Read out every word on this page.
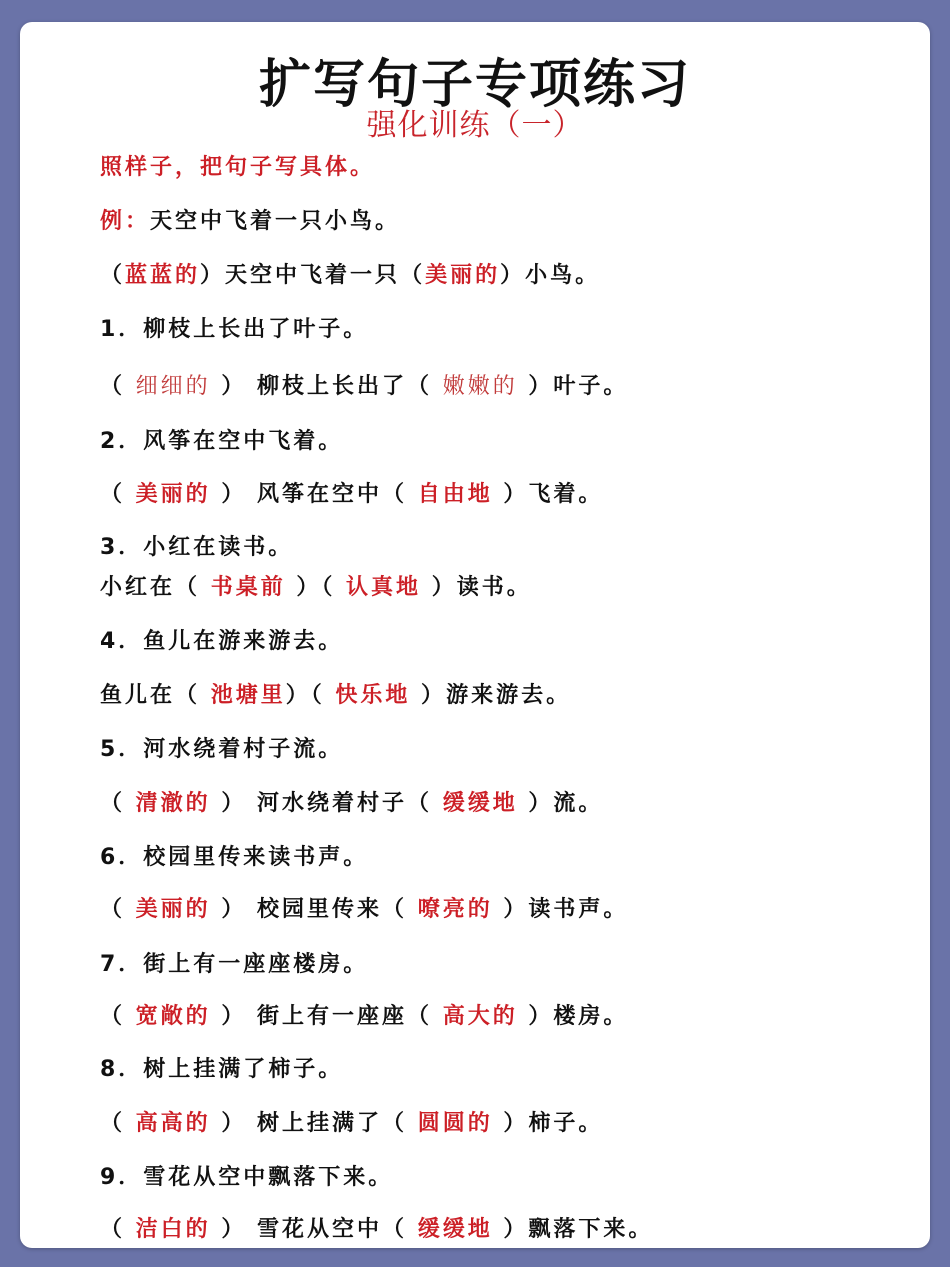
扩写句子专项练习
强化训练（一）
照样子，把句子写具体。
例：天空中飞着一只小鸟。
（蓝蓝的）天空中飞着一只（美丽的）小鸟。
1．柳枝上长出了叶子。
（ 细细的 ） 柳枝上长出了（ 嫩嫩的 ）叶子。
2．风筝在空中飞着。
（ 美丽的 ） 风筝在空中（ 自由地 ）飞着。
3．小红在读书。
小红在（ 书桌前 ）（ 认真地 ）读书。
4．鱼儿在游来游去。
鱼儿在（ 池塘里）（ 快乐地 ）游来游去。
5．河水绕着村子流。
（ 清澈的 ） 河水绕着村子（ 缓缓地 ）流。
6．校园里传来读书声。
（ 美丽的 ） 校园里传来（ 嘹亮的 ）读书声。
7．街上有一座座楼房。
（ 宽敞的 ） 街上有一座座（ 高大的 ）楼房。
8．树上挂满了柿子。
（ 高高的 ） 树上挂满了（ 圆圆的 ）柿子。
9．雪花从空中飘落下来。
（ 洁白的 ） 雪花从空中（ 缓缓地 ）飘落下来。
